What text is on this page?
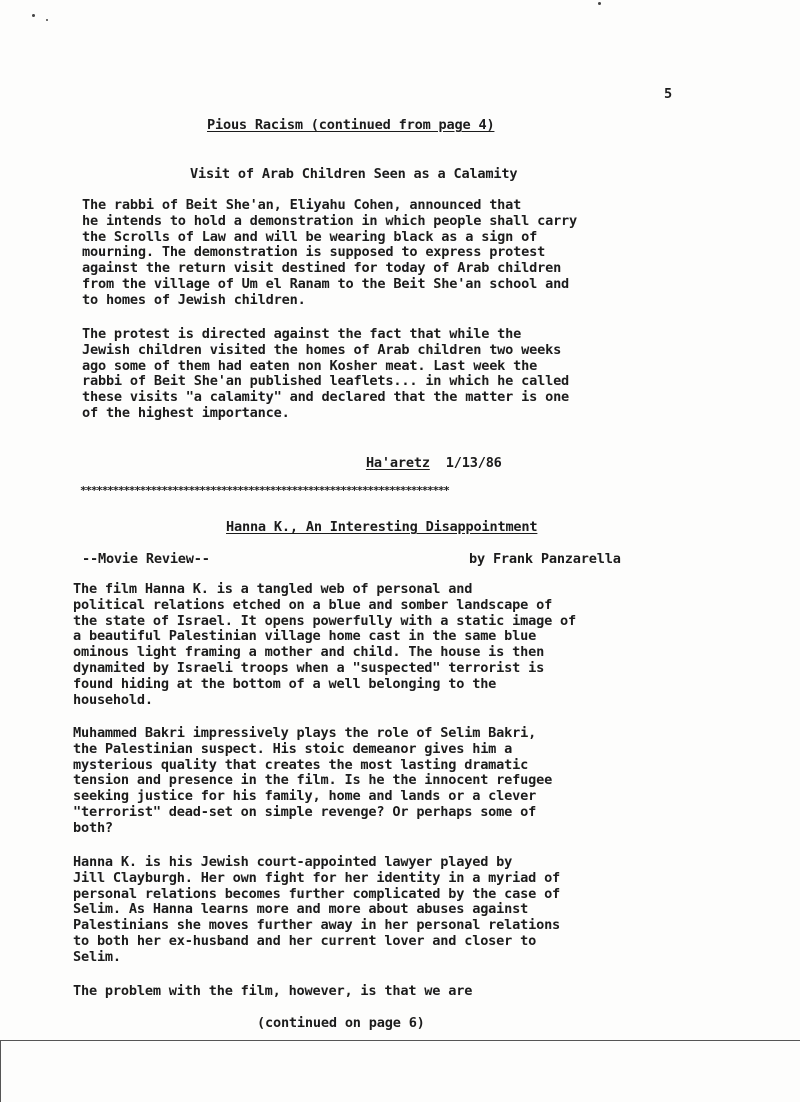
5
Pious Racism (continued from page 4)
Visit of Arab Children Seen as a Calamity

The rabbi of Beit She'an, Eliyahu Cohen, announced that
he intends to hold a demonstration in which people shall carry
the Scrolls of Law and will be wearing black as a sign of
mourning. The demonstration is supposed to express protest
against the return visit destined for today of Arab children
from the village of Um el Ranam to the Beit She'an school and
to homes of Jewish children.

The protest is directed against the fact that while the
Jewish children visited the homes of Arab children two weeks
ago some of them had eaten non Kosher meat. Last week the
rabbi of Beit She'an published leaflets... in which he called
these visits "a calamity" and declared that the matter is one
of the highest importance.

Ha'aretz 1/13/86

********************************************************************
Hanna K., An Interesting Disappointment
--Movie Review--	by Frank Panzarella

The film Hanna K. is a tangled web of personal and
political relations etched on a blue and somber landscape of
the state of Israel. It opens powerfully with a static image of
a beautiful Palestinian village home cast in the same blue
ominous light framing a mother and child. The house is then
dynamited by Israeli troops when a "suspected" terrorist is
found hiding at the bottom of a well belonging to the
household.

Muhammed Bakri impressively plays the role of Selim Bakri,
the Palestinian suspect. His stoic demeanor gives him a
mysterious quality that creates the most lasting dramatic
tension and presence in the film. Is he the innocent refugee
seeking justice for his family, home and lands or a clever
"terrorist" dead-set on simple revenge? Or perhaps some of
both?

Hanna K. is his Jewish court-appointed lawyer played by
Jill Clayburgh. Her own fight for her identity in a myriad of
personal relations becomes further complicated by the case of
Selim. As Hanna learns more and more about abuses against
Palestinians she moves further away in her personal relations
to both her ex-husband and her current lover and closer to
Selim.

The problem with the film, however, is that we are

(continued on page 6)
